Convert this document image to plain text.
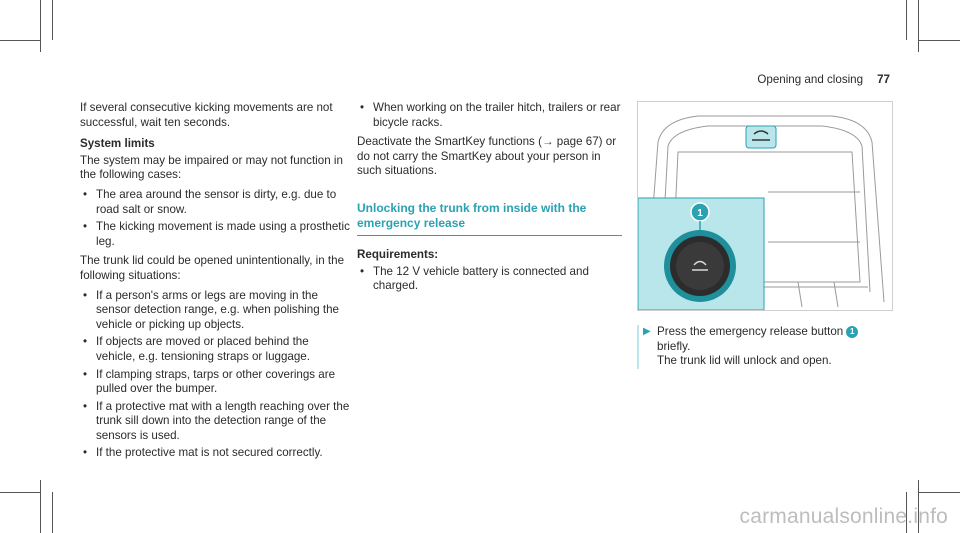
Opening and closing 77

If several consecutive kicking movements are not successful, wait ten seconds.

System limits

The system may be impaired or may not function in the following cases:

• The area around the sensor is dirty, e.g. due to road salt or snow.
• The kicking movement is made using a prosthetic leg.

The trunk lid could be opened unintentionally, in the following situations:

• If a person's arms or legs are moving in the sensor detection range, e.g. when polishing the vehicle or picking up objects.
• If objects are moved or placed behind the vehicle, e.g. tensioning straps or luggage.
• If clamping straps, tarps or other coverings are pulled over the bumper.
• If a protective mat with a length reaching over the trunk sill down into the detection range of the sensors is used.
• If the protective mat is not secured correctly.
• When working on the trailer hitch, trailers or rear bicycle racks.

Deactivate the SmartKey functions (→ page 67) or do not carry the SmartKey about your person in such situations.

Unlocking the trunk from inside with the emergency release
Requirements:
• The 12 V vehicle battery is connected and charged.
1
▶ Press the emergency release button 1
briefly.
The trunk lid will unlock and open.
carmanualsonline.info
